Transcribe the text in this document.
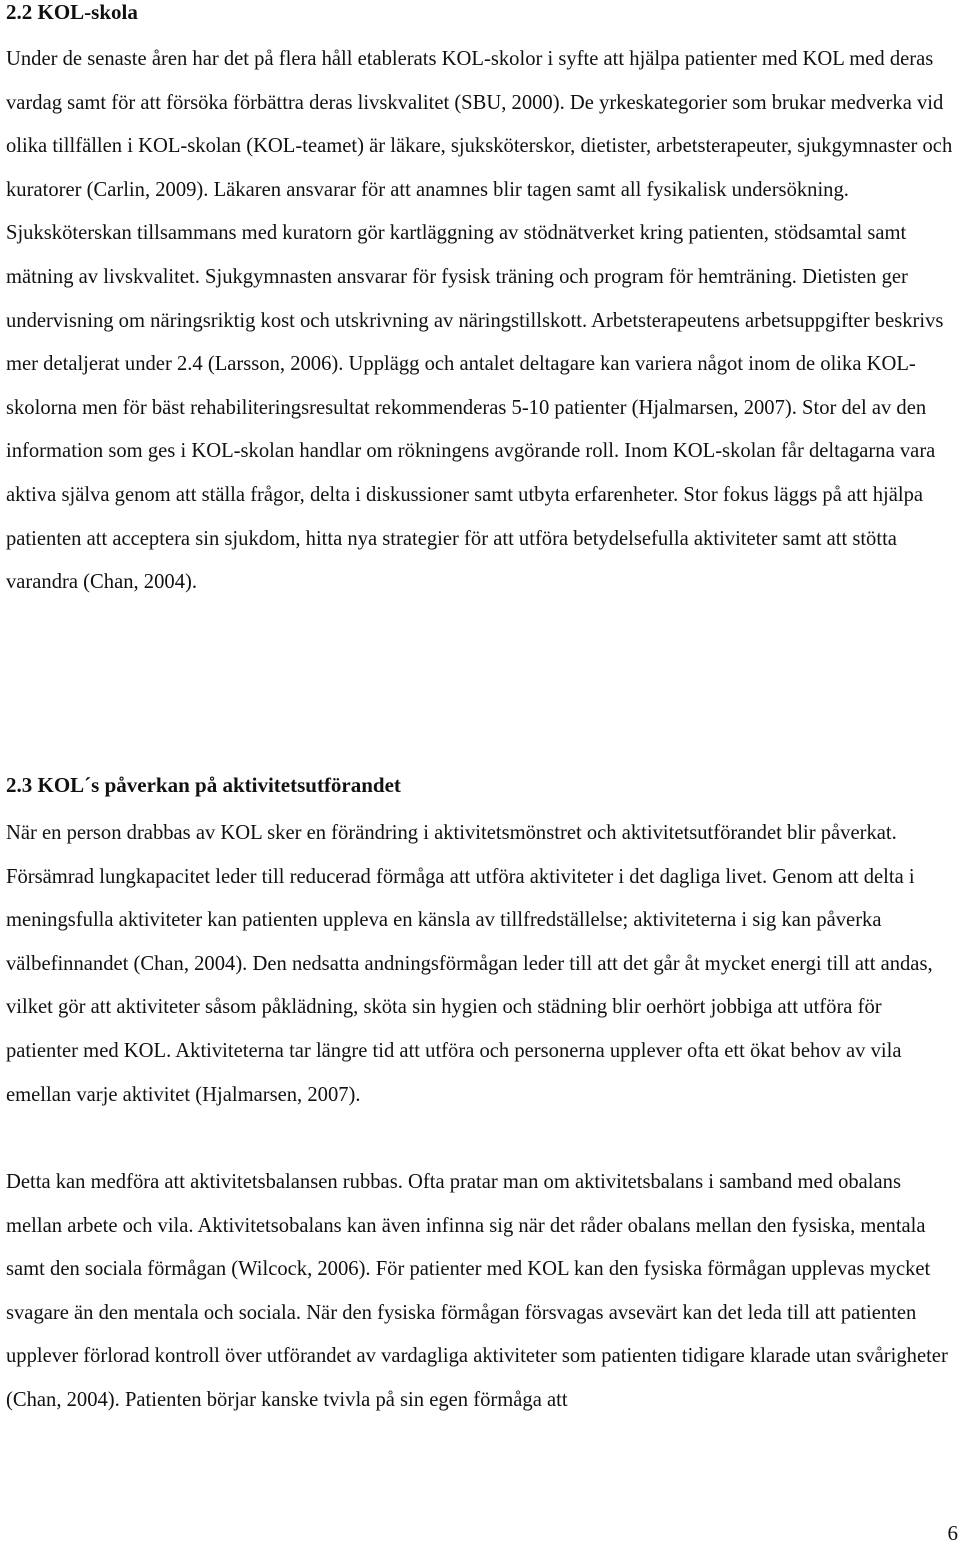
2.2 KOL-skola

Under de senaste åren har det på flera håll etablerats KOL-skolor i syfte att hjälpa patienter med KOL med deras vardag samt för att försöka förbättra deras livskvalitet (SBU, 2000). De yrkeskategorier som brukar medverka vid olika tillfällen i KOL-skolan (KOL-teamet) är läkare, sjuksköterskor, dietister, arbetsterapeuter, sjukgymnaster och kuratorer (Carlin, 2009). Läkaren ansvarar för att anamnes blir tagen samt all fysikalisk undersökning. Sjuksköterskan tillsammans med kuratorn gör kartläggning av stödnätverket kring patienten, stödsamtal samt mätning av livskvalitet. Sjukgymnasten ansvarar för fysisk träning och program för hemträning. Dietisten ger undervisning om näringsriktig kost och utskrivning av näringstillskott. Arbetsterapeutens arbetsuppgifter beskrivs mer detaljerat under 2.4 (Larsson, 2006). Upplägg och antalet deltagare kan variera något inom de olika KOL-skolorna men för bäst rehabiliteringsresultat rekommenderas 5-10 patienter (Hjalmarsen, 2007). Stor del av den information som ges i KOL-skolan handlar om rökningens avgörande roll. Inom KOL-skolan får deltagarna vara aktiva själva genom att ställa frågor, delta i diskussioner samt utbyta erfarenheter. Stor fokus läggs på att hjälpa patienten att acceptera sin sjukdom, hitta nya strategier för att utföra betydelsefulla aktiviteter samt att stötta varandra (Chan, 2004).

2.3 KOL´s påverkan på aktivitetsutförandet

När en person drabbas av KOL sker en förändring i aktivitetsmönstret och aktivitetsutförandet blir påverkat. Försämrad lungkapacitet leder till reducerad förmåga att utföra aktiviteter i det dagliga livet. Genom att delta i meningsfulla aktiviteter kan patienten uppleva en känsla av tillfredställelse; aktiviteterna i sig kan påverka välbefinnandet (Chan, 2004). Den nedsatta andningsförmågan leder till att det går åt mycket energi till att andas, vilket gör att aktiviteter såsom påklädning, sköta sin hygien och städning blir oerhört jobbiga att utföra för patienter med KOL. Aktiviteterna tar längre tid att utföra och personerna upplever ofta ett ökat behov av vila emellan varje aktivitet (Hjalmarsen, 2007).

Detta kan medföra att aktivitetsbalansen rubbas. Ofta pratar man om aktivitetsbalans i samband med obalans mellan arbete och vila. Aktivitetsobalans kan även infinna sig när det råder obalans mellan den fysiska, mentala samt den sociala förmågan (Wilcock, 2006). För patienter med KOL kan den fysiska förmågan upplevas mycket svagare än den mentala och sociala. När den fysiska förmågan försvagas avsevärt kan det leda till att patienten upplever förlorad kontroll över utförandet av vardagliga aktiviteter som patienten tidigare klarade utan svårigheter (Chan, 2004). Patienten börjar kanske tvivla på sin egen förmåga att

6
